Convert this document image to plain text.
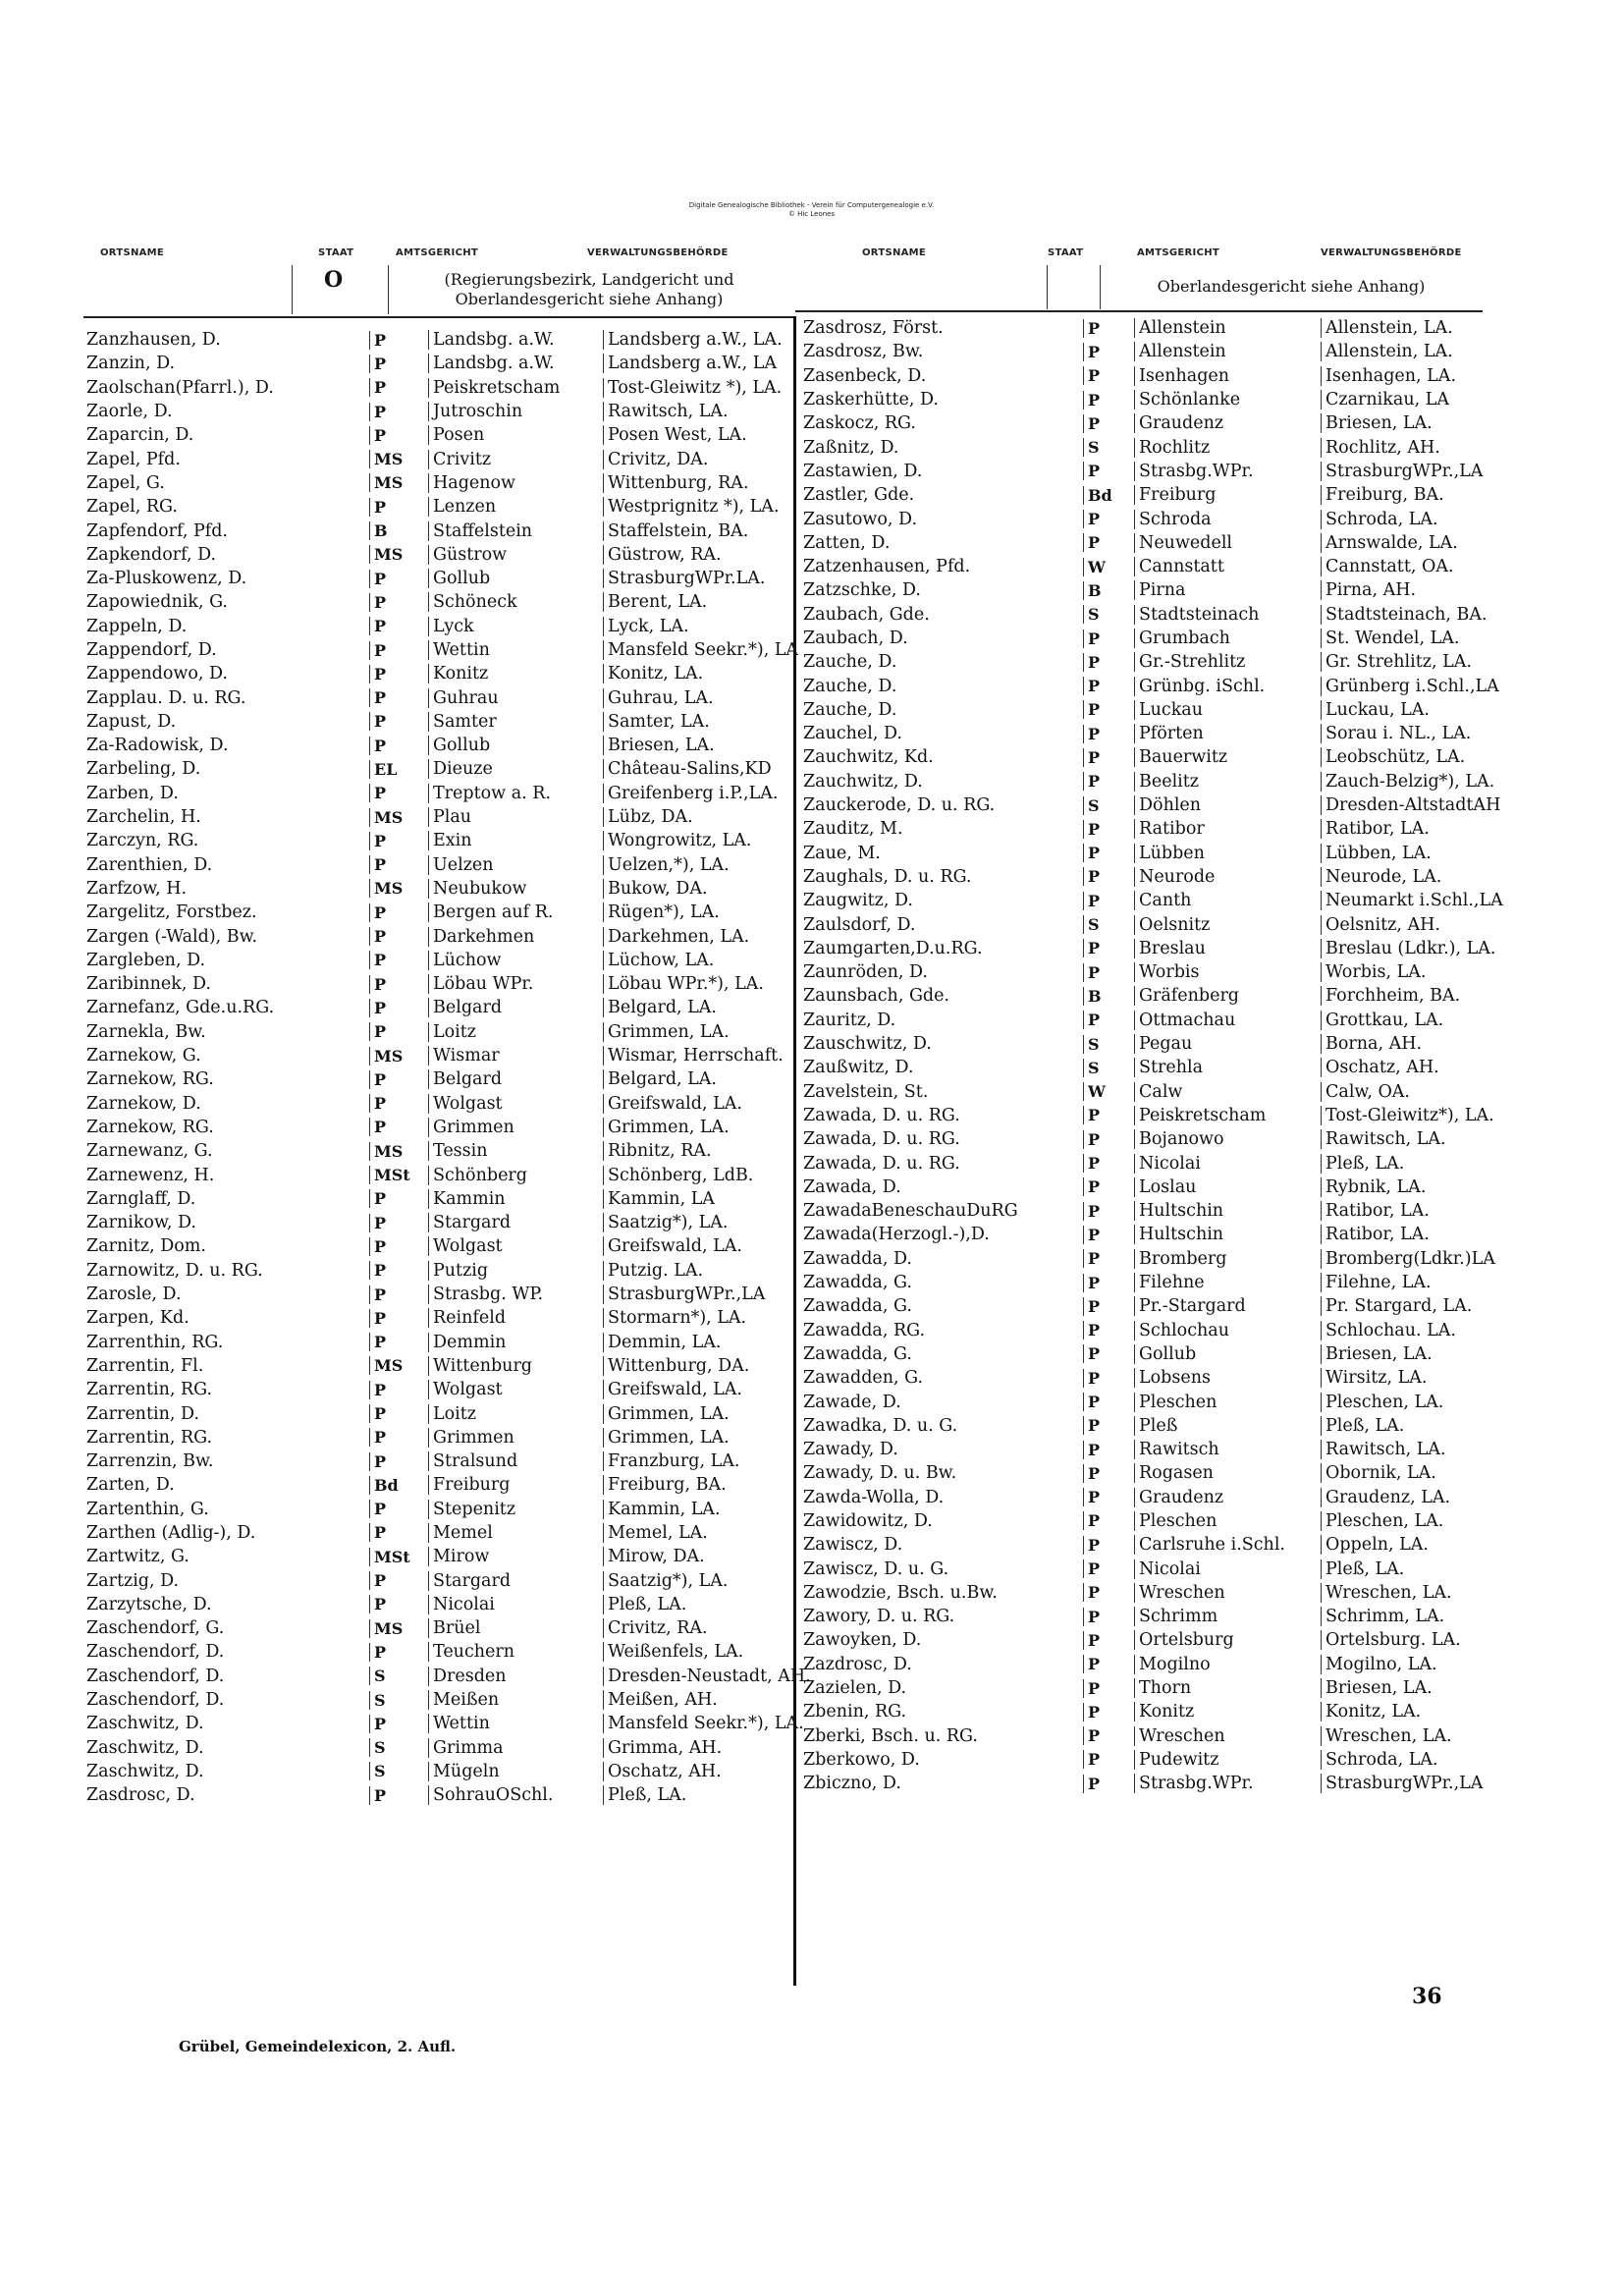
Digitale Genealogische Bibliothek - Verein für Computergenealogie e.V.
© Hic Leones
ORTSNAME	STAAT	AMTSGERICHT	VERWALTUNGSBEHÖRDE	ORTSNAME	STAAT	AMTSGERICHT	VERWALTUNGSBEHÖRDE
O	(Regierungsbezirk, Landgericht und
Oberlandesgericht siehe Anhang)
Oberlandesgericht siehe Anhang)
Zanzhausen, D.	P	Landsbg. a.W.	Landsberg a.W., LA.
Zanzin, D.	P	Landsbg. a.W.	Landsberg a.W., LA
Zaolschan(Pfarrl.), D.	P	Peiskretscham	Tost-Gleiwitz *), LA.
Zaorle, D.	P	Jutroschin	Rawitsch, LA.
Zaparcin, D.	P	Posen	Posen West, LA.
Zapel, Pfd.	MS	Crivitz	Crivitz, DA.
Zapel, G.	MS	Hagenow	Wittenburg, RA.
Zapel, RG.	P	Lenzen	Westprignitz *), LA.
Zapfendorf, Pfd.	B	Staffelstein	Staffelstein, BA.
Zapkendorf, D.	MS	Güstrow	Güstrow, RA.
Za-Pluskowenz, D.	P	Gollub	StrasburgWPr.LA.
Zapowiednik, G.	P	Schöneck	Berent, LA.
Zappeln, D.	P	Lyck	Lyck, LA.
Zappendorf, D.	P	Wettin	Mansfeld Seekr.*), LA
Zappendowo, D.	P	Konitz	Konitz, LA.
Zapplau. D. u. RG.	P	Guhrau	Guhrau, LA.
Zapust, D.	P	Samter	Samter, LA.
Za-Radowisk, D.	P	Gollub	Briesen, LA.
Zarbeling, D.	EL	Dieuze	Château-Salins,KD
Zarben, D.	P	Treptow a. R.	Greifenberg i.P.,LA.
Zarchelin, H.	MS	Plau	Lübz, DA.
Zarczyn, RG.	P	Exin	Wongrowitz, LA.
Zarenthien, D.	P	Uelzen	Uelzen,*), LA.
Zarfzow, H.	MS	Neubukow	Bukow, DA.
Zargelitz, Forstbez.	P	Bergen auf R.	Rügen*), LA.
Zargen (-Wald), Bw.	P	Darkehmen	Darkehmen, LA.
Zargleben, D.	P	Lüchow	Lüchow, LA.
Zaribinnek, D.	P	Löbau WPr.	Löbau WPr.*), LA.
Zarnefanz, Gde.u.RG.	P	Belgard	Belgard, LA.
Zarnekla, Bw.	P	Loitz	Grimmen, LA.
Zarnekow, G.	MS	Wismar	Wismar, Herrschaft.
Zarnekow, RG.	P	Belgard	Belgard, LA.
Zarnekow, D.	P	Wolgast	Greifswald, LA.
Zarnekow, RG.	P	Grimmen	Grimmen, LA.
Zarnewanz, G.	MS	Tessin	Ribnitz, RA.
Zarnewenz, H.	MSt	Schönberg	Schönberg, LdB.
Zarnglaff, D.	P	Kammin	Kammin, LA
Zarnikow, D.	P	Stargard	Saatzig*), LA.
Zarnitz, Dom.	P	Wolgast	Greifswald, LA.
Zarnowitz, D. u. RG.	P	Putzig	Putzig. LA.
Zarosle, D.	P	Strasbg. WP.	StrasburgWPr.,LA
Zarpen, Kd.	P	Reinfeld	Stormarn*), LA.
Zarrenthin, RG.	P	Demmin	Demmin, LA.
Zarrentin, Fl.	MS	Wittenburg	Wittenburg, DA.
Zarrentin, RG.	P	Wolgast	Greifswald, LA.
Zarrentin, D.	P	Loitz	Grimmen, LA.
Zarrentin, RG.	P	Grimmen	Grimmen, LA.
Zarrenzin, Bw.	P	Stralsund	Franzburg, LA.
Zarten, D.	Bd	Freiburg	Freiburg, BA.
Zartenthin, G.	P	Stepenitz	Kammin, LA.
Zarthen (Adlig-), D.	P	Memel	Memel, LA.
Zartwitz, G.	MSt	Mirow	Mirow, DA.
Zartzig, D.	P	Stargard	Saatzig*), LA.
Zarzytsche, D.	P	Nicolai	Pleß, LA.
Zaschendorf, G.	MS	Brüel	Crivitz, RA.
Zaschendorf, D.	P	Teuchern	Weißenfels, LA.
Zaschendorf, D.	S	Dresden	Dresden-Neustadt, AH.
Zaschendorf, D.	S	Meißen	Meißen, AH.
Zaschwitz, D.	P	Wettin	Mansfeld Seekr.*), LA.
Zaschwitz, D.	S	Grimma	Grimma, AH.
Zaschwitz, D.	S	Mügeln	Oschatz, AH.
Zasdrosc, D.	P	SohrauOSchl.	Pleß, LA.
Zasdrosz, Först.	P	Allenstein	Allenstein, LA.
Zasdrosz, Bw.	P	Allenstein	Allenstein, LA.
Zasenbeck, D.	P	Isenhagen	Isenhagen, LA.
Zaskerhütte, D.	P	Schönlanke	Czarnikau, LA
Zaskocz, RG.	P	Graudenz	Briesen, LA.
Zaßnitz, D.	S	Rochlitz	Rochlitz, AH.
Zastawien, D.	P	Strasbg.WPr.	StrasburgWPr.,LA
Zastler, Gde.	Bd	Freiburg	Freiburg, BA.
Zasutowo, D.	P	Schroda	Schroda, LA.
Zatten, D.	P	Neuwedell	Arnswalde, LA.
Zatzenhausen, Pfd.	W	Cannstatt	Cannstatt, OA.
Zatzschke, D.	B	Pirna	Pirna, AH.
Zaubach, Gde.	S	Stadtsteinach	Stadtsteinach, BA.
Zaubach, D.	P	Grumbach	St. Wendel, LA.
Zauche, D.	P	Gr.-Strehlitz	Gr. Strehlitz, LA.
Zauche, D.	P	Grünbg. iSchl.	Grünberg i.Schl.,LA
Zauche, D.	P	Luckau	Luckau, LA.
Zauchel, D.	P	Pförten	Sorau i. NL., LA.
Zauchwitz, Kd.	P	Bauerwitz	Leobschütz, LA.
Zauchwitz, D.	P	Beelitz	Zauch-Belzig*), LA.
Zauckerode, D. u. RG.	S	Döhlen	Dresden-AltstadtAH
Zauditz, M.	P	Ratibor	Ratibor, LA.
Zaue, M.	P	Lübben	Lübben, LA.
Zaughals, D. u. RG.	P	Neurode	Neurode, LA.
Zaugwitz, D.	P	Canth	Neumarkt i.Schl.,LA
Zaulsdorf, D.	S	Oelsnitz	Oelsnitz, AH.
Zaumgarten,D.u.RG.	P	Breslau	Breslau (Ldkr.), LA.
Zaunröden, D.	P	Worbis	Worbis, LA.
Zaunsbach, Gde.	B	Gräfenberg	Forchheim, BA.
Zauritz, D.	P	Ottmachau	Grottkau, LA.
Zauschwitz, D.	S	Pegau	Borna, AH.
Zaußwitz, D.	S	Strehla	Oschatz, AH.
Zavelstein, St.	W	Calw	Calw, OA.
Zawada, D. u. RG.	P	Peiskretscham	Tost-Gleiwitz*), LA.
Zawada, D. u. RG.	P	Bojanowo	Rawitsch, LA.
Zawada, D. u. RG.	P	Nicolai	Pleß, LA.
Zawada, D.	P	Loslau	Rybnik, LA.
ZawadaBeneschauDuRG	P	Hultschin	Ratibor, LA.
Zawada(Herzogl.-),D.	P	Hultschin	Ratibor, LA.
Zawadda, D.	P	Bromberg	Bromberg(Ldkr.)LA
Zawadda, G.	P	Filehne	Filehne, LA.
Zawadda, G.	P	Pr.-Stargard	Pr. Stargard, LA.
Zawadda, RG.	P	Schlochau	Schlochau. LA.
Zawadda, G.	P	Gollub	Briesen, LA.
Zawadden, G.	P	Lobsens	Wirsitz, LA.
Zawade, D.	P	Pleschen	Pleschen, LA.
Zawadka, D. u. G.	P	Pleß	Pleß, LA.
Zawady, D.	P	Rawitsch	Rawitsch, LA.
Zawady, D. u. Bw.	P	Rogasen	Obornik, LA.
Zawda-Wolla, D.	P	Graudenz	Graudenz, LA.
Zawidowitz, D.	P	Pleschen	Pleschen, LA.
Zawiscz, D.	P	Carlsruhe i.Schl.	Oppeln, LA.
Zawiscz, D. u. G.	P	Nicolai	Pleß, LA.
Zawodzie, Bsch. u.Bw.	P	Wreschen	Wreschen, LA.
Zawory, D. u. RG.	P	Schrimm	Schrimm, LA.
Zawoyken, D.	P	Ortelsburg	Ortelsburg. LA.
Zazdrosc, D.	P	Mogilno	Mogilno, LA.
Zazielen, D.	P	Thorn	Briesen, LA.
Zbenin, RG.	P	Konitz	Konitz, LA.
Zberki, Bsch. u. RG.	P	Wreschen	Wreschen, LA.
Zberkowo, D.	P	Pudewitz	Schroda, LA.
Zbiczno, D.	P	Strasbg.WPr.	StrasburgWPr.,LA
36
Grübel, Gemeindelexicon, 2. Aufl.
